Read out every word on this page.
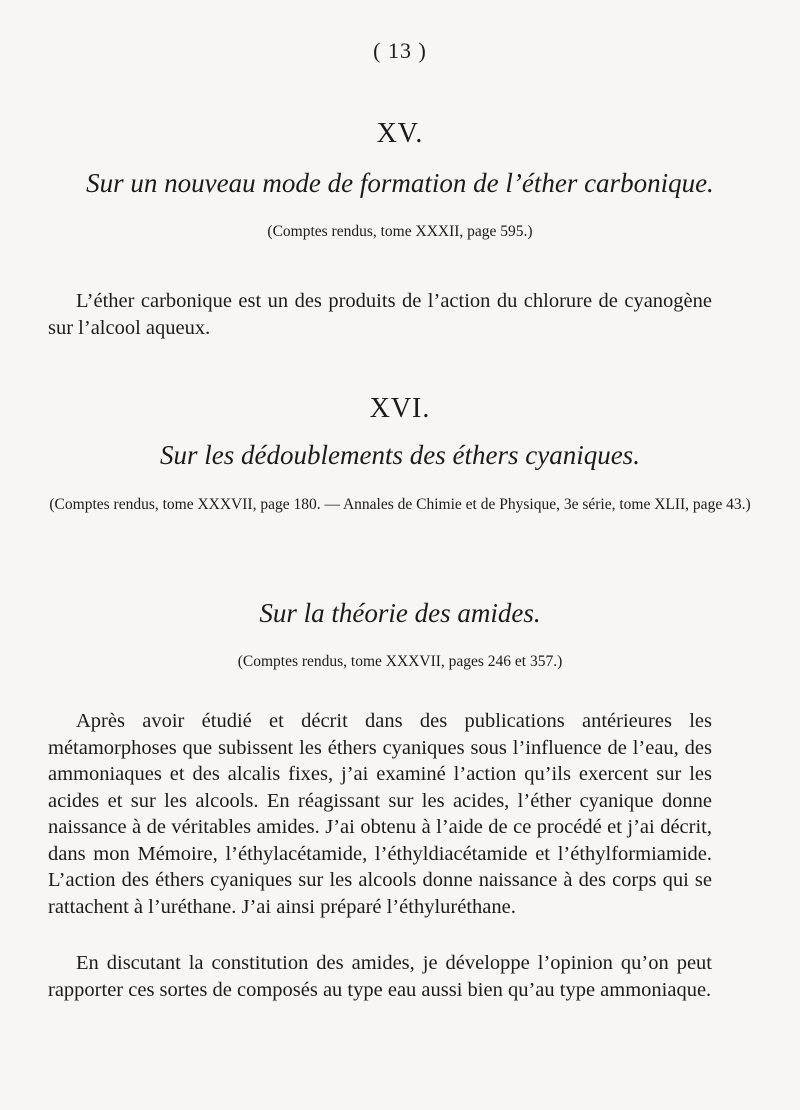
( 13 )
XV.
Sur un nouveau mode de formation de l’éther carbonique.
(Comptes rendus, tome XXXII, page 595.)
L’éther carbonique est un des produits de l’action du chlorure de cyanogène sur l’alcool aqueux.
XVI.
Sur les dédoublements des éthers cyaniques.
(Comptes rendus, tome XXXVII, page 180. — Annales de Chimie et de Physique, 3e série, tome XLII, page 43.)
Sur la théorie des amides.
(Comptes rendus, tome XXXVII, pages 246 et 357.)
Après avoir étudié et décrit dans des publications antérieures les métamorphoses que subissent les éthers cyaniques sous l’influence de l’eau, des ammoniaques et des alcalis fixes, j’ai examiné l’action qu’ils exercent sur les acides et sur les alcools. En réagissant sur les acides, l’éther cyanique donne naissance à de véritables amides. J’ai obtenu à l’aide de ce procédé et j’ai décrit, dans mon Mémoire, l’éthylacétamide, l’éthyldiacétamide et l’éthylformiamide. L’action des éthers cyaniques sur les alcools donne naissance à des corps qui se rattachent à l’uréthane. J’ai ainsi préparé l’éthyluréthane.
En discutant la constitution des amides, je développe l’opinion qu’on peut rapporter ces sortes de composés au type eau aussi bien qu’au type ammoniaque.
